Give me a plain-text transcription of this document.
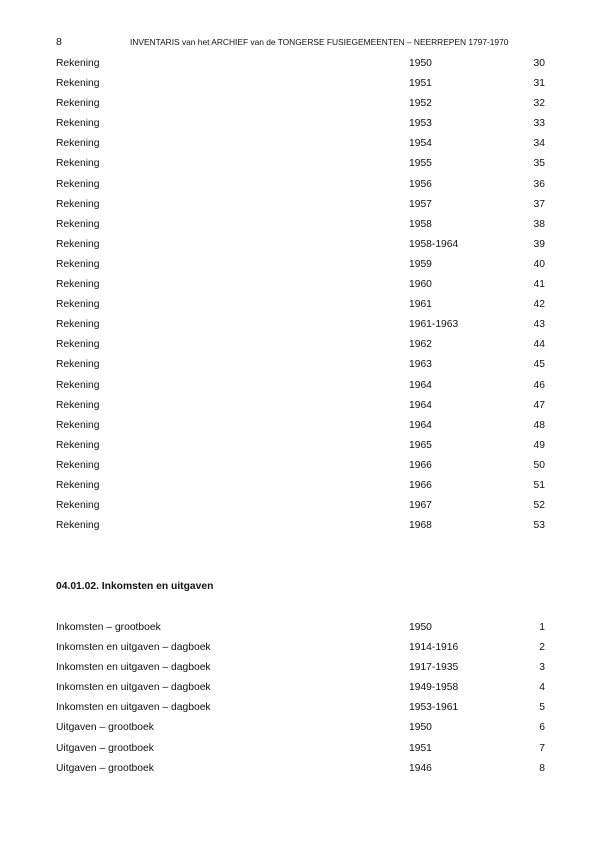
8	INVENTARIS van het ARCHIEF van de TONGERSE FUSIEGEMEENTEN – NEERREPEN 1797-1970
Rekening	1950	30
Rekening	1951	31
Rekening	1952	32
Rekening	1953	33
Rekening	1954	34
Rekening	1955	35
Rekening	1956	36
Rekening	1957	37
Rekening	1958	38
Rekening	1958-1964	39
Rekening	1959	40
Rekening	1960	41
Rekening	1961	42
Rekening	1961-1963	43
Rekening	1962	44
Rekening	1963	45
Rekening	1964	46
Rekening	1964	47
Rekening	1964	48
Rekening	1965	49
Rekening	1966	50
Rekening	1966	51
Rekening	1967	52
Rekening	1968	53
04.01.02. Inkomsten en uitgaven
Inkomsten – grootboek	1950	1
Inkomsten en uitgaven – dagboek	1914-1916	2
Inkomsten en uitgaven – dagboek	1917-1935	3
Inkomsten en uitgaven – dagboek	1949-1958	4
Inkomsten en uitgaven – dagboek	1953-1961	5
Uitgaven – grootboek	1950	6
Uitgaven – grootboek	1951	7
Uitgaven – grootboek	1946	8
